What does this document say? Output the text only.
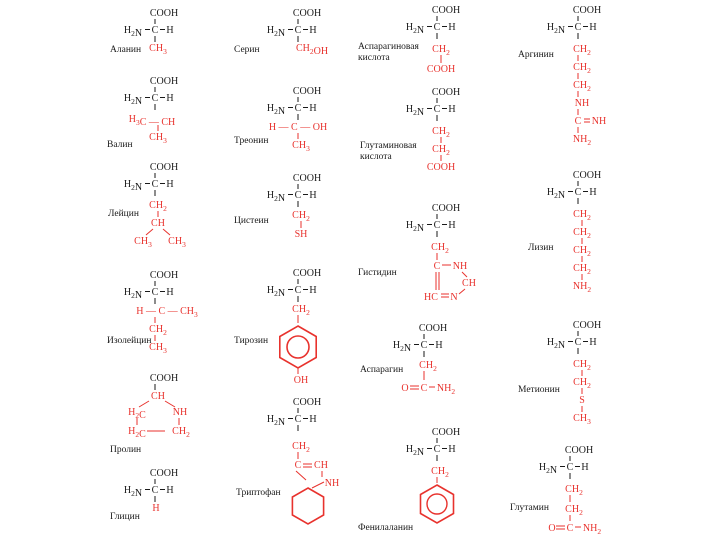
COOH
$H_2N$ C H
$CH_3$
Аланин
COOH
$H_2N$ C H
$H_3C$ — CH
$CH_3$
Валин
COOH
$H_2N$ C H
$CH_2$
CH
$CH_3$ $CH_3$
Лейцин
COOH
$H_2N$ C H
H — C — $CH_3$
$CH_2$
$CH_3$
Изолейцин
COOH
CH
$H_2C$	NH
$H_2C$	$CH_2$
Пролин
COOH
$H_2N$ C H
H
Глицин
COOH
$H_2N$ C H
$CH_2OH$
Серин
COOH
$H_2N$ C H
H — C — OH
$CH_3$
Треонин
COOH
$H_2N$ C H
$CH_2$
SH
Цистеин
COOH
$H_2N$ C H
$CH_2$
OH
Тирозин
COOH
$H_2N$ C H
$CH_2$
C CH
NH
Триптофан
COOH
$H_2N$ C H
$CH_2$
COOH
Аспарагиновая
кислота
COOH
$H_2N$ C H
$CH_2$
$CH_2$
COOH
Глутаминовая
кислота
COOH
$H_2N$ C H
$CH_2$
C NH
CH
HC N
Гистидин
COOH
$H_2N$ C H
$CH_2$
C
O	$NH_2$
Аспарагин
COOH
$H_2N$ C H
$CH_2$
Фенилаланин
COOH
$H_2N$ C H
$CH_2$
$CH_2$
$CH_2$
NH
C NH
$NH_2$
Аргинин
COOH
$H_2N$ C H
$CH_2$
$CH_2$
$CH_2$
$CH_2$
$NH_2$
Лизин
COOH
$H_2N$ C H
$CH_2$
$CH_2$
S
$CH_3$
Метионин
COOH
$H_2N$ C H
$CH_2$
$CH_2$
C
O	$NH_2$
Глутамин
